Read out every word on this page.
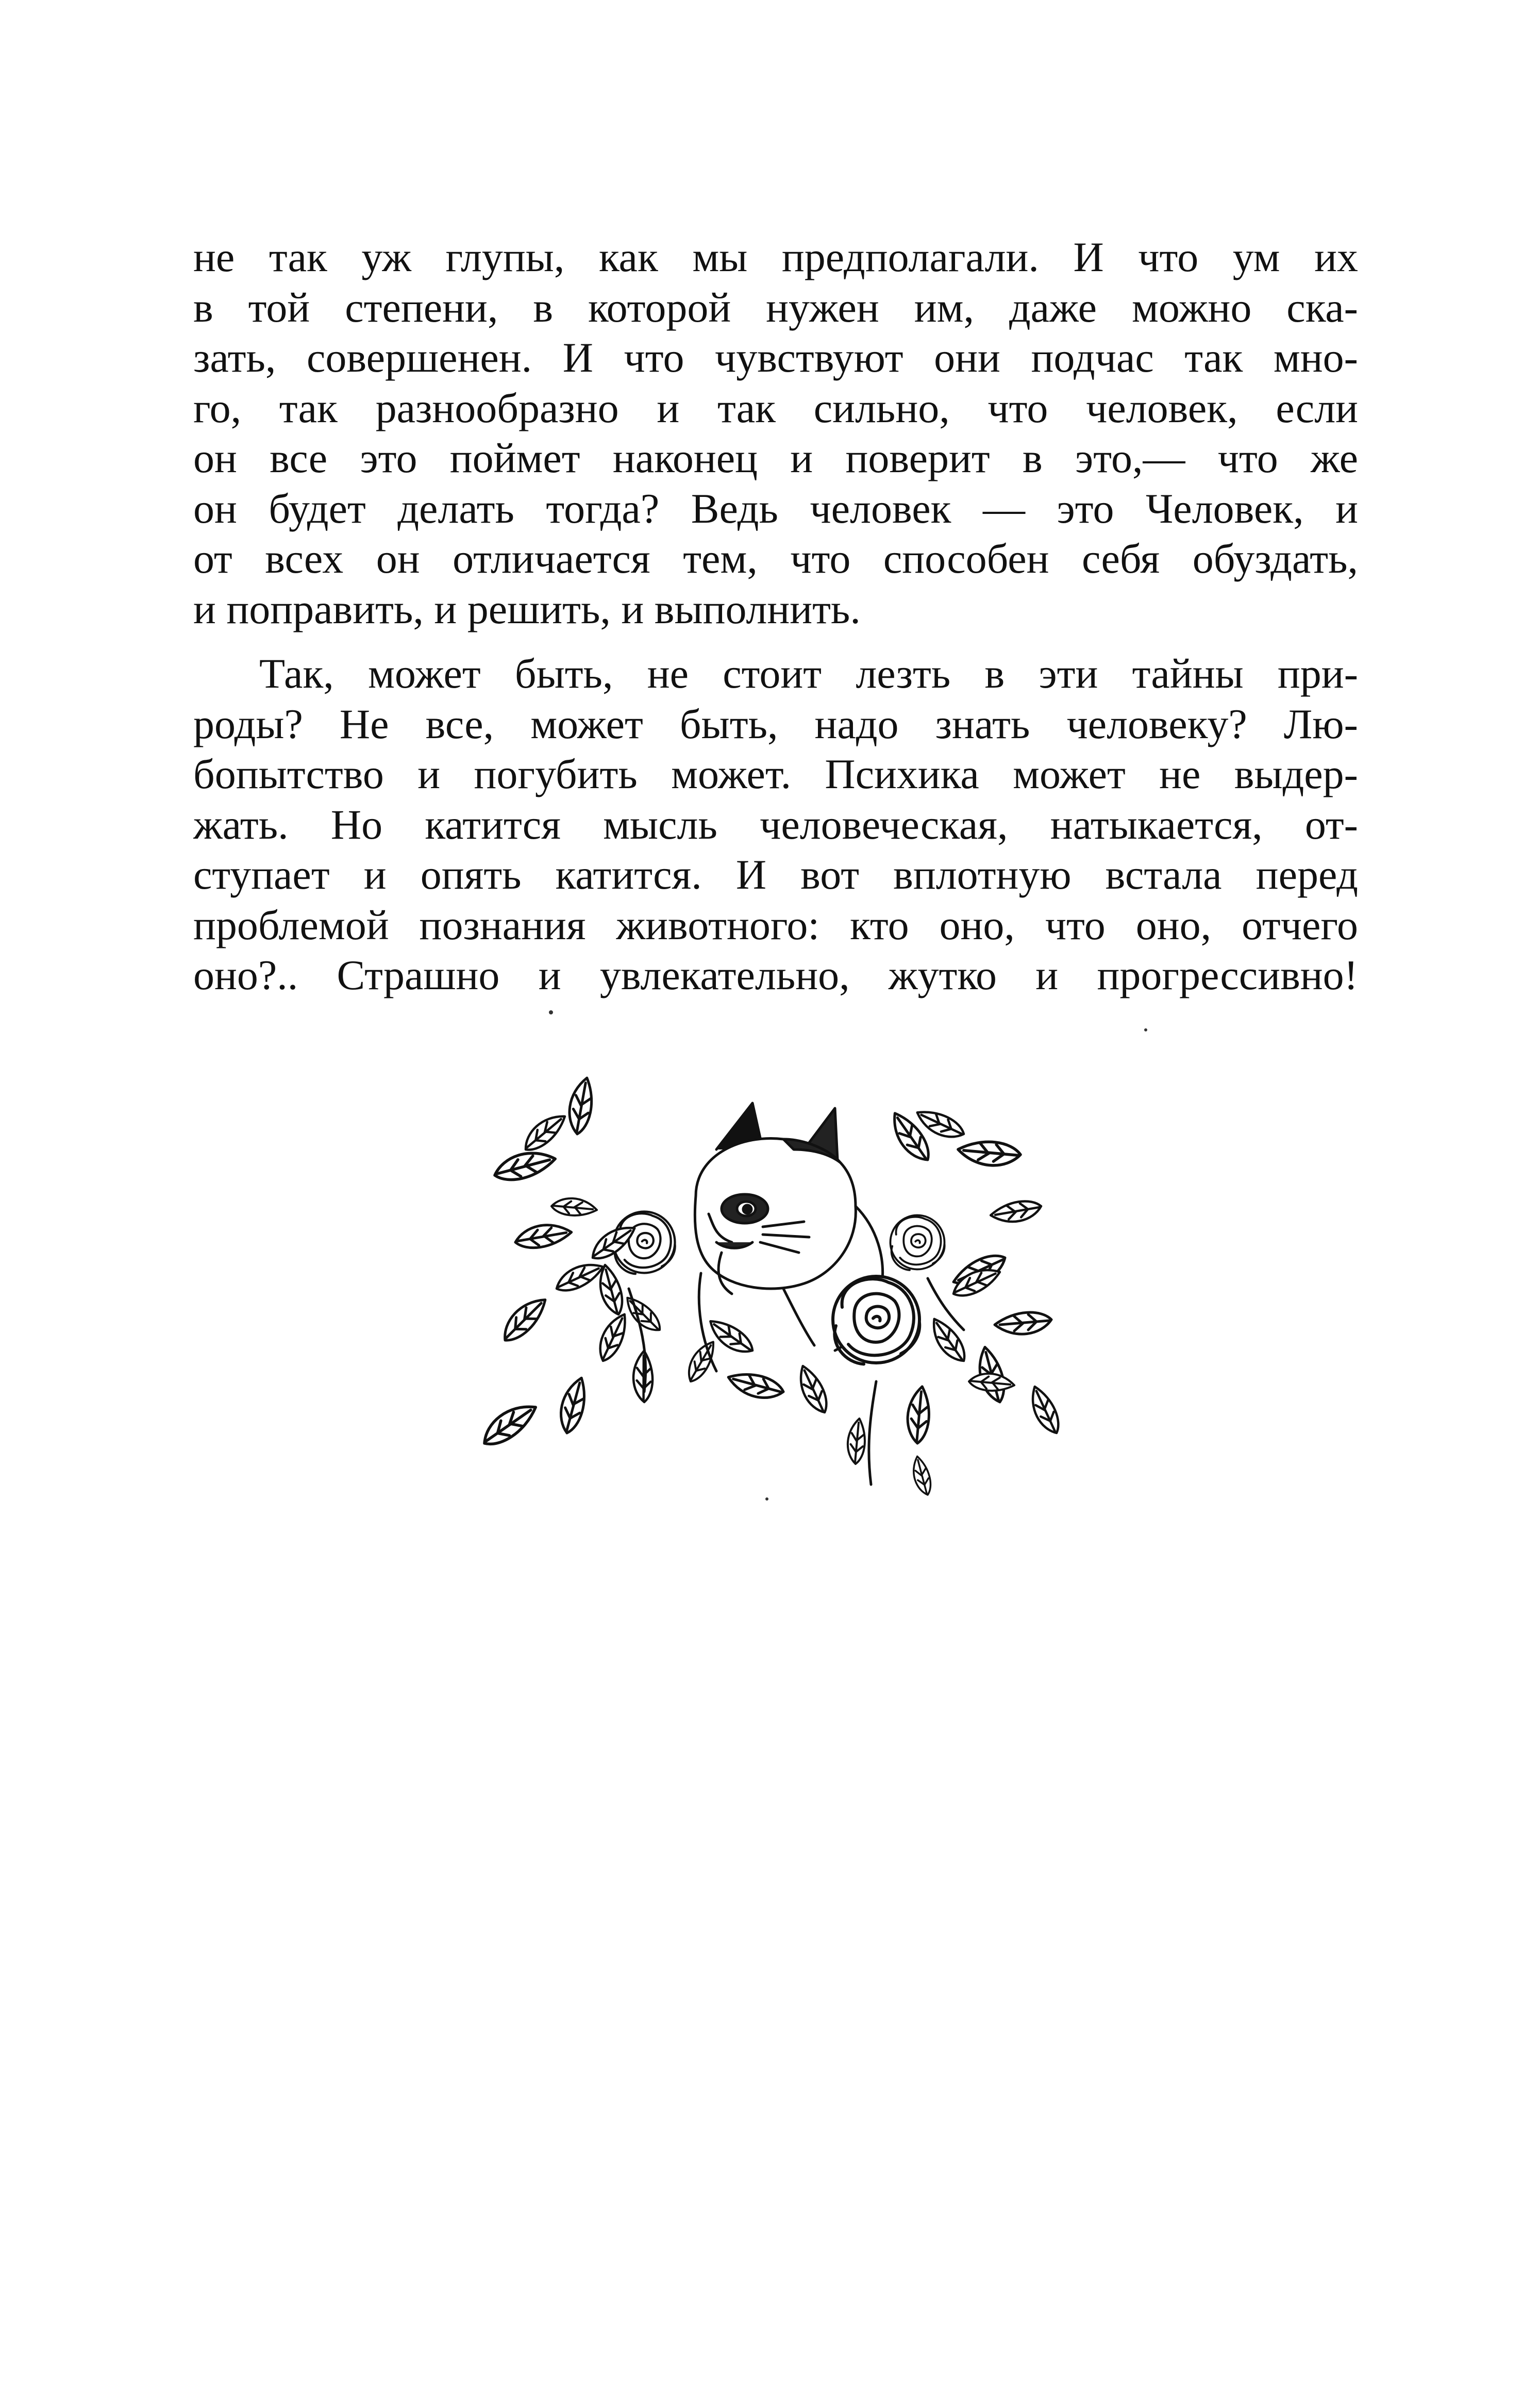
не так уж глупы, как мы предполагали. И что ум их
в той степени, в которой нужен им, даже можно ска-
зать, совершенен. И что чувствуют они подчас так мно-
го, так разнообразно и так сильно, что человек, если
он все это поймет наконец и поверит в это,— что же
он будет делать тогда? Ведь человек — это Человек, и
от всех он отличается тем, что способен себя обуздать,
и поправить, и решить, и выполнить.
Так, может быть, не стоит лезть в эти тайны при-
роды? Не все, может быть, надо знать человеку? Лю-
бопытство и погубить может. Психика может не выдер-
жать. Но катится мысль человеческая, натыкается, от-
ступает и опять катится. И вот вплотную встала перед
проблемой познания животного: кто оно, что оно, отчего
оно?.. Страшно и увлекательно, жутко и прогрессивно!
